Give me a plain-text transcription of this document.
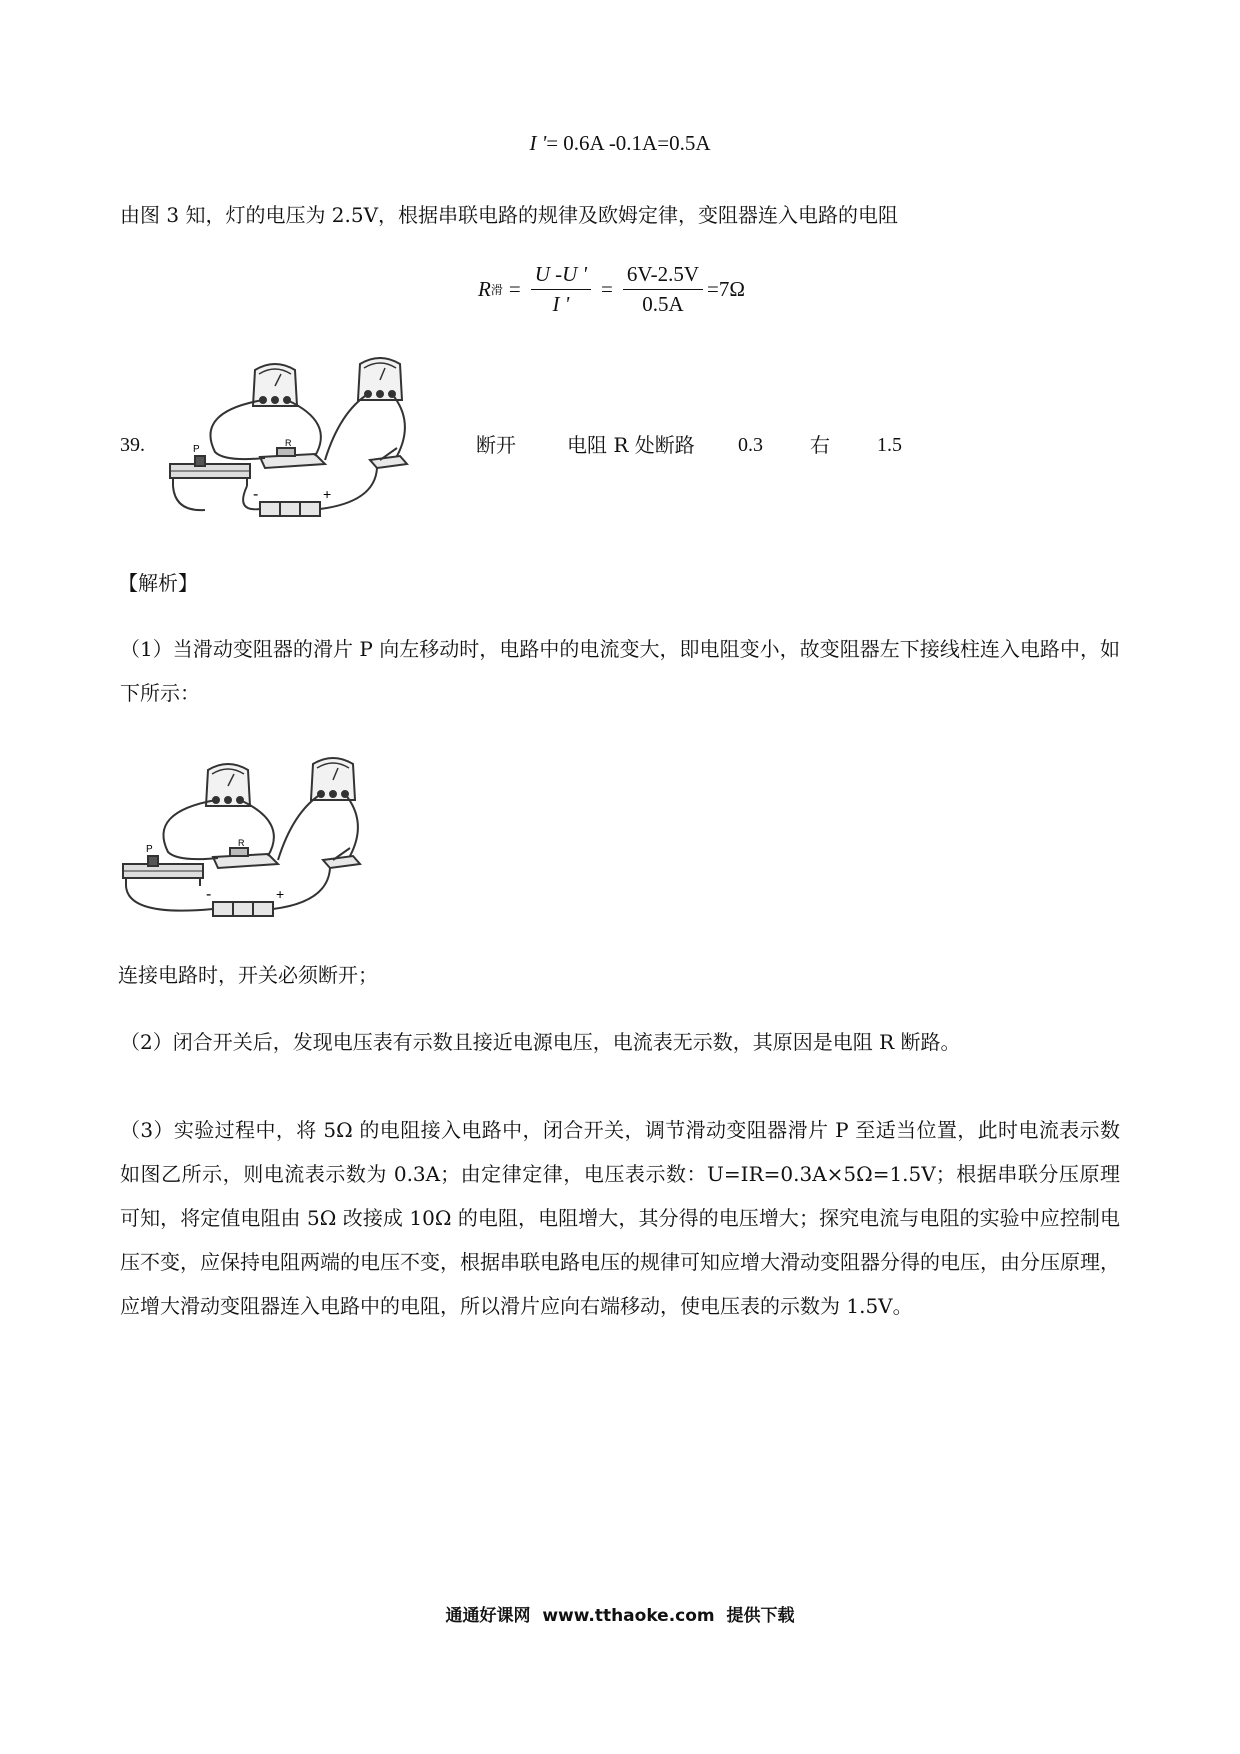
I '= 0.6A -0.1A=0.5A
由图 3 知，灯的电压为 2.5V，根据串联电路的规律及欧姆定律，变阻器连入电路的电阻
R 滑 = $\frac{U -U '}{I '} = \frac{6V-2.5V}{0.5A} =7\Omega$
39.	P
R
-	+
断开	电阻 R 处断路 0.3 右 1.5
【解析】
（1）当滑动变阻器的滑片 P 向左移动时，电路中的电流变大，即电阻变小，故变阻器左下接线柱连入电路中，如下所示：
P
R
-	+
连接电路时，开关必须断开；
（2）闭合开关后，发现电压表有示数且接近电源电压，电流表无示数，其原因是电阻 R 断路。
（3）实验过程中，将 5Ω 的电阻接入电路中，闭合开关，调节滑动变阻器滑片 P 至适当位置，此时电流表示数如图乙所示，则电流表示数为 0.3A；由定律定律，电压表示数：U=IR=0.3A×5Ω=1.5V；根据串联分压原理可知，将定值电阻由 5Ω 改接成 10Ω 的电阻，电阻增大，其分得的电压增大；探究电流与电阻的实验中应控制电压不变，应保持电阻两端的电压不变，根据串联电路电压的规律可知应增大滑动变阻器分得的电压，由分压原理，应增大滑动变阻器连入电路中的电阻，所以滑片应向右端移动，使电压表的示数为 1.5V。
通通好课网  www.tthaoke.com  提供下载
